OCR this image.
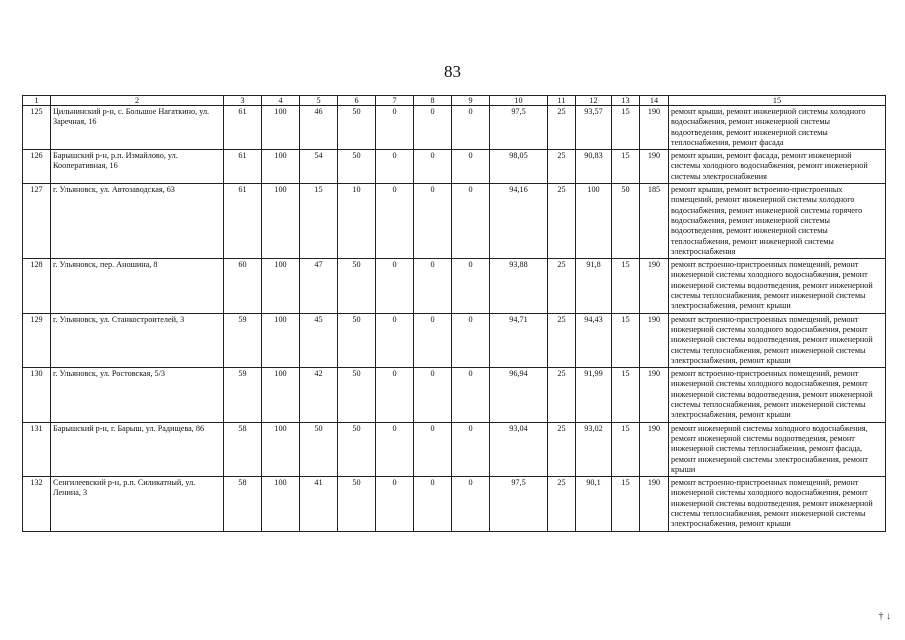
83
1	2	3	4	5	6	7	8	9	10	11	12	13	14	15
125	Цильнинский р-н, с. Большое Нагаткино, ул. Заречная, 16	61	100	46	50	0	0	0	97,5	25	93,57	15	190	ремонт крыши, ремонт инженерной системы холодного водоснабжения, ремонт инженерной системы водоотведения, ремонт инженерной системы теплоснабжения, ремонт фасада
126	Барышский р-н, р.п. Измайлово, ул. Кооперативная, 16	61	100	54	50	0	0	0	98,05	25	90,83	15	190	ремонт крыши, ремонт фасада, ремонт инженерной системы холодного водоснабжения, ремонт инженерной системы электроснабжения
127	г. Ульяновск, ул. Автозаводская, 63	61	100	15	10	0	0	0	94,16	25	100	50	185	ремонт крыши, ремонт встроенно-пристроенных помещений, ремонт инженерной системы холодного водоснабжения, ремонт инженерной системы горячего водоснабжения, ремонт инженерной системы водоотведения, ремонт инженерной системы теплоснабжения, ремонт инженерной системы электроснабжения
128	г. Ульяновск, пер. Аношина, 8	60	100	47	50	0	0	0	93,88	25	91,8	15	190	ремонт встроенно-пристроенных помещений, ремонт инженерной системы холодного водоснабжения, ремонт инженерной системы водоотведения, ремонт инженерной системы теплоснабжения, ремонт инженерной системы электроснабжения, ремонт крыши
129	г. Ульяновск, ул. Станкостроителей, 3	59	100	45	50	0	0	0	94,71	25	94,43	15	190	ремонт встроенно-пристроенных помещений, ремонт инженерной системы холодного водоснабжения, ремонт инженерной системы водоотведения, ремонт инженерной системы теплоснабжения, ремонт инженерной системы электроснабжения, ремонт крыши
130	г. Ульяновск, ул. Ростовская, 5/3	59	100	42	50	0	0	0	96,94	25	91,99	15	190	ремонт встроенно-пристроенных помещений, ремонт инженерной системы холодного водоснабжения, ремонт инженерной системы водоотведения, ремонт инженерной системы теплоснабжения, ремонт инженерной системы электроснабжения, ремонт крыши
131	Барышский р-н, г. Барыш, ул. Радищева, 86	58	100	50	50	0	0	0	93,04	25	93,02	15	190	ремонт инженерной системы холодного водоснабжения, ремонт инженерной системы водоотведения, ремонт инженерной системы теплоснабжения, ремонт фасада, ремонт инженерной системы электроснабжения, ремонт крыши
132	Сенгилеевский р-н, р.п. Силикатный, ул. Ленина, 3	58	100	41	50	0	0	0	97,5	25	90,1	15	190	ремонт встроенно-пристроенных помещений, ремонт инженерной системы холодного водоснабжения, ремонт инженерной системы водоотведения, ремонт инженерной системы теплоснабжения, ремонт инженерной системы электроснабжения, ремонт крыши
† ↓
